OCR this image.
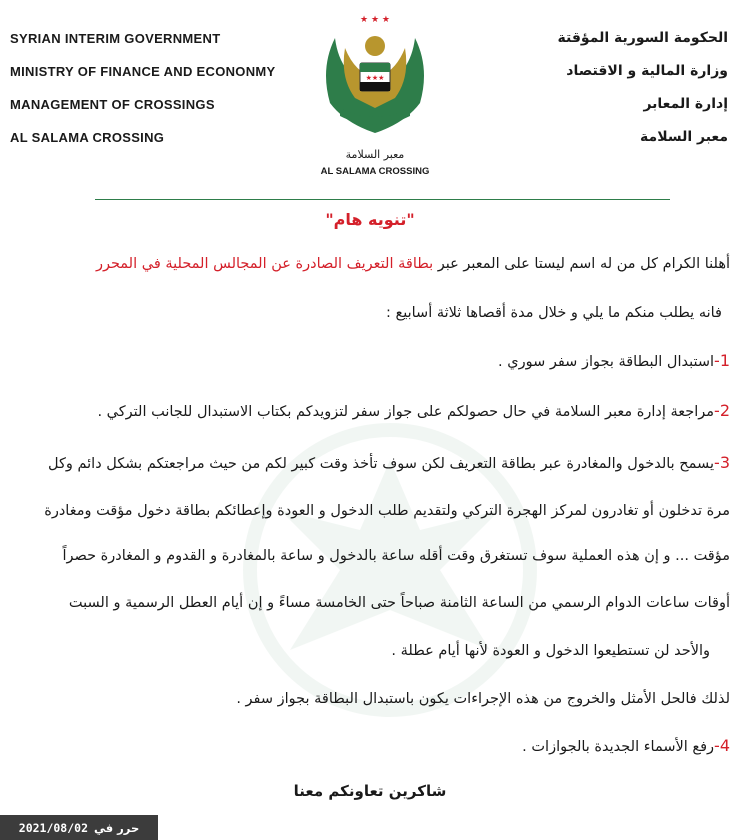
SYRIAN INTERIM GOVERNMENT
MINISTRY OF FINANCE AND ECONONMY
MANAGEMENT OF CROSSINGS
AL SALAMA CROSSING
الحكومة السورية المؤقتة
وزارة المالية و الاقتصاد
إدارة المعابر
معبر السلامة
★ ★ ★
★★★
معبر السلامة
AL SALAMA CROSSING
"تنويه هام"
أهلنا الكرام كل من له اسم ليستا على المعبر عبر بطاقة التعريف الصادرة عن المجالس المحلية في المحرر
فانه يطلب منكم ما يلي و خلال مدة أقصاها ثلاثة أسابيع :
1-استبدال البطاقة بجواز سفر سوري .
2-مراجعة إدارة معبر السلامة في حال حصولكم على جواز سفر لتزويدكم بكتاب الاستبدال للجانب التركي .
3-يسمح بالدخول والمغادرة عبر بطاقة التعريف لكن سوف تأخذ وقت كبير لكم من حيث مراجعتكم بشكل دائم وكل
مرة تدخلون أو تغادرون لمركز الهجرة التركي ولتقديم طلب الدخول و العودة وإعطائكم بطاقة دخول مؤقت ومغادرة
مؤقت ... و إن هذه العملية سوف تستغرق وقت أقله ساعة بالدخول و ساعة بالمغادرة و القدوم و المغادرة حصراً
أوقات ساعات الدوام الرسمي من الساعة الثامنة صباحاً حتى الخامسة مساءً و إن أيام العطل الرسمية و السبت
والأحد لن تستطيعوا الدخول و العودة لأنها أيام عطلة .
لذلك فالحل الأمثل والخروج من هذه الإجراءات يكون باستبدال البطاقة بجواز سفر .
4-رفع الأسماء الجديدة بالجوازات .
شاكرين تعاونكم معنا
حرر في
2021/08/02
